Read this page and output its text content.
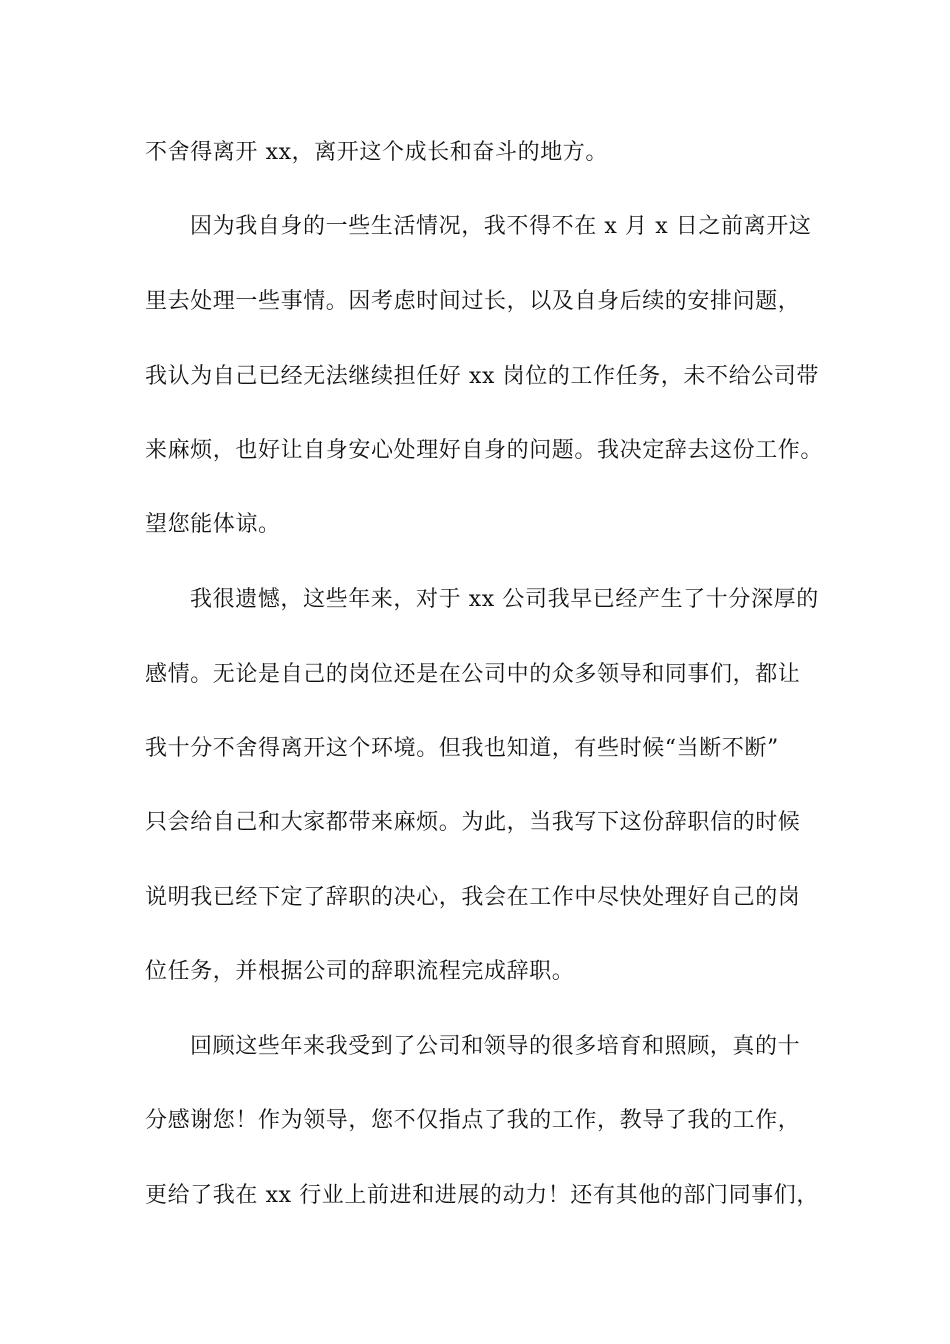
不舍得离开 xx，离开这个成长和奋斗的地方。
因为我自身的一些生活情况，我不得不在 x 月 x 日之前离开这
里去处理一些事情。因考虑时间过长，以及自身后续的安排问题，
我认为自己已经无法继续担任好 xx 岗位的工作任务，未不给公司带
来麻烦，也好让自身安心处理好自身的问题。我决定辞去这份工作。
望您能体谅。
我很遗憾，这些年来，对于 xx 公司我早已经产生了十分深厚的
感情。无论是自己的岗位还是在公司中的众多领导和同事们，都让
我十分不舍得离开这个环境。但我也知道，有些时候“当断不断”
只会给自己和大家都带来麻烦。为此，当我写下这份辞职信的时候
说明我已经下定了辞职的决心，我会在工作中尽快处理好自己的岗
位任务，并根据公司的辞职流程完成辞职。
回顾这些年来我受到了公司和领导的很多培育和照顾，真的十
分感谢您！作为领导，您不仅指点了我的工作，教导了我的工作，
更给了我在 xx 行业上前进和进展的动力！还有其他的部门同事们，
